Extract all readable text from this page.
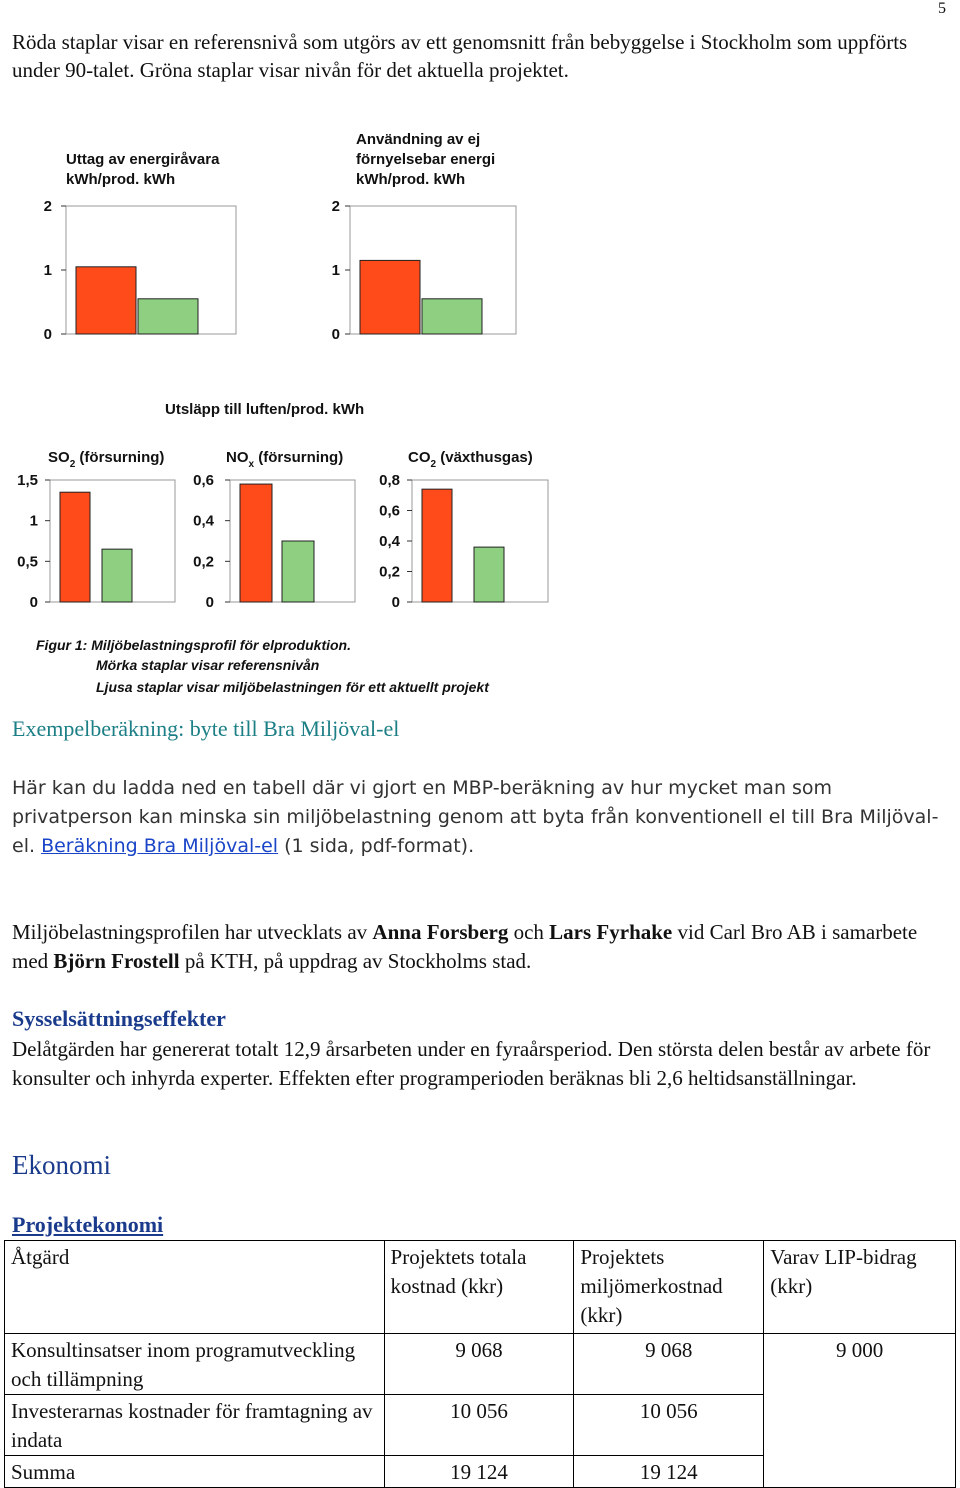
5

Röda staplar visar en referensnivå som utgörs av ett genomsnitt från bebyggelse i Stockholm som uppförts under 90-talet. Gröna staplar visar nivån för det aktuella projektet.

Uttag av energiråvara
kWh/prod. kWh
Användning av ej
förnyelsebar energi
kWh/prod. kWh
Utsläpp till luften/prod. kWh
$SO_2$ (försurning)	$NO_x$ (försurning)	$CO_2$ (växthusgas)
0
1
2
0
1
2
0
0,5
1
1,5
0
0,2
0,4
0,6
0
0,2
0,4
0,6
0,8
Figur 1: Miljöbelastningsprofil för elproduktion.
Mörka staplar visar referensnivån
Ljusa staplar visar miljöbelastningen för ett aktuellt projekt
Exempelberäkning: byte till Bra Miljöval-el

Här kan du ladda ned en tabell där vi gjort en MBP-beräkning av hur mycket man som privatperson kan minska sin miljöbelastning genom att byta från konventionell el till Bra Miljöval-el. Beräkning Bra Miljöval-el (1 sida, pdf-format).

Miljöbelastningsprofilen har utvecklats av Anna Forsberg och Lars Fyrhake vid Carl Bro AB i samarbete med Björn Frostell på KTH, på uppdrag av Stockholms stad.

Sysselsättningseffekter

Delåtgärden har genererat totalt 12,9 årsarbeten under en fyraårsperiod. Den största delen består av arbete för konsulter och inhyrda experter. Effekten efter programperioden beräknas bli 2,6 heltidsanställningar.

Ekonomi
Projektekonomi
Åtgärd	Projektets totala kostnad (kkr)	Projektets miljömerkostnad (kkr)	Varav LIP-bidrag (kkr)
Konsultinsatser inom programutveckling och tillämpning	9 068	9 068	9 000
Investerarnas kostnader för framtagning av indata	10 056	10 056	
Summa	19 124	19 124	
